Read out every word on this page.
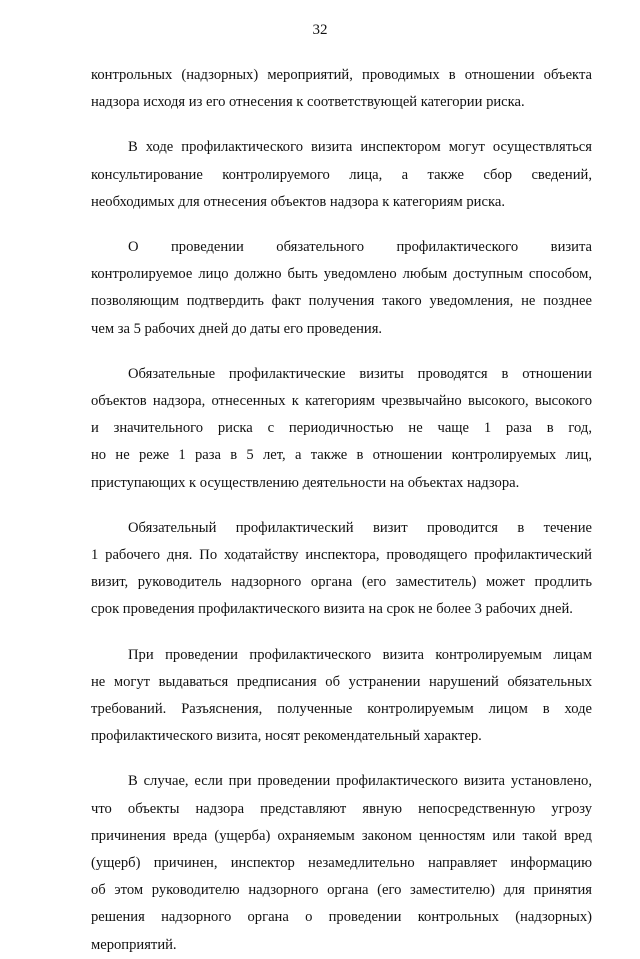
32

контрольных (надзорных) мероприятий, проводимых в отношении объекта
надзора исходя из его отнесения к соответствующей категории риска.

В ходе профилактического визита инспектором могут осуществляться
консультирование контролируемого лица, а также сбор сведений,
необходимых для отнесения объектов надзора к категориям риска.

О проведении обязательного профилактического визита
контролируемое лицо должно быть уведомлено любым доступным способом,
позволяющим подтвердить факт получения такого уведомления, не позднее
чем за 5 рабочих дней до даты его проведения.

Обязательные профилактические визиты проводятся в отношении
объектов надзора, отнесенных к категориям чрезвычайно высокого, высокого
и значительного риска с периодичностью не чаще 1 раза в год,
но не реже 1 раза в 5 лет, а также в отношении контролируемых лиц,
приступающих к осуществлению деятельности на объектах надзора.

Обязательный профилактический визит проводится в течение
1 рабочего дня. По ходатайству инспектора, проводящего профилактический
визит, руководитель надзорного органа (его заместитель) может продлить
срок проведения профилактического визита на срок не более 3 рабочих дней.

При проведении профилактического визита контролируемым лицам
не могут выдаваться предписания об устранении нарушений обязательных
требований. Разъяснения, полученные контролируемым лицом в ходе
профилактического визита, носят рекомендательный характер.

В случае, если при проведении профилактического визита установлено,
что объекты надзора представляют явную непосредственную угрозу
причинения вреда (ущерба) охраняемым законом ценностям или такой вред
(ущерб) причинен, инспектор незамедлительно направляет информацию
об этом руководителю надзорного органа (его заместителю) для принятия
решения надзорного органа о проведении контрольных (надзорных)
мероприятий.
